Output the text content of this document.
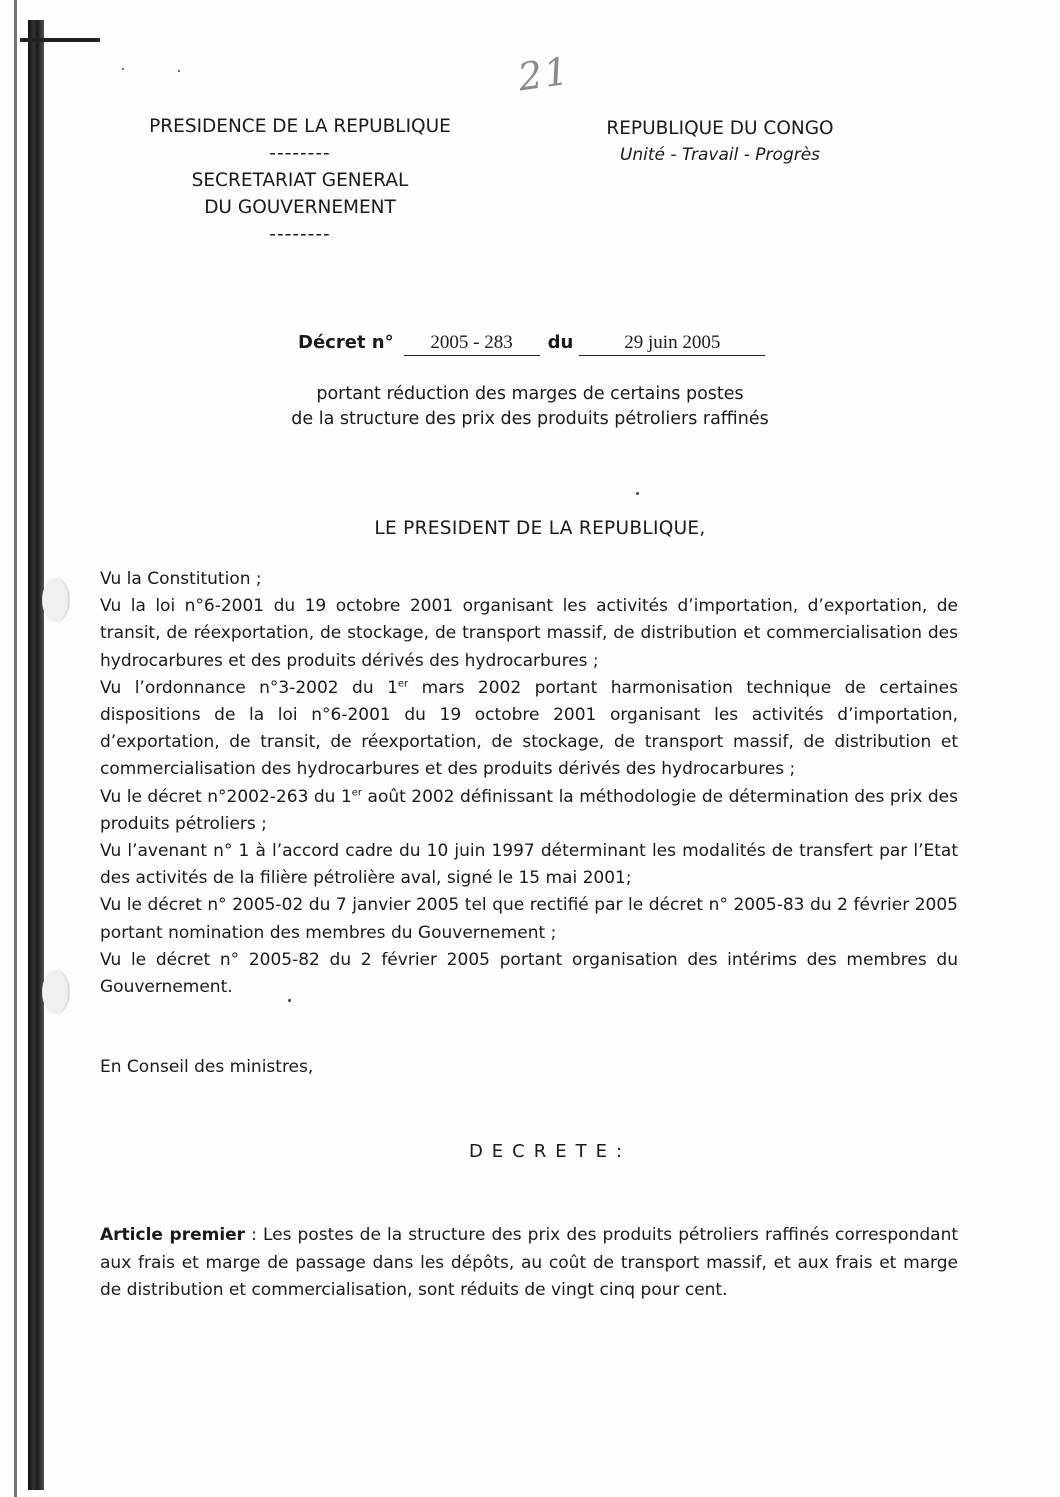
21
PRESIDENCE DE LA REPUBLIQUE
--------
SECRETARIAT GENERAL
DU GOUVERNEMENT
--------
REPUBLIQUE DU CONGO
Unité - Travail - Progrès
Décret n° 2005 - 283 du	29 juin 2005
portant réduction des marges de certains postes
de la structure des prix des produits pétroliers raffinés
LE PRESIDENT DE LA REPUBLIQUE,

Vu la Constitution ;

Vu la loi n°6-2001 du 19 octobre 2001 organisant les activités d’importation, d’exportation, de transit, de réexportation, de stockage, de transport massif, de distribution et commercialisation des hydrocarbures et des produits dérivés des hydrocarbures ;

Vu l’ordonnance n°3-2002 du 1er mars 2002 portant harmonisation technique de certaines dispositions de la loi n°6-2001 du 19 octobre 2001 organisant les activités d’importation, d’exportation, de transit, de réexportation, de stockage, de transport massif, de distribution et commercialisation des hydrocarbures et des produits dérivés des hydrocarbures ;

Vu le décret n°2002-263 du 1er août 2002 définissant la méthodologie de détermination des prix des produits pétroliers ;

Vu l’avenant n° 1 à l’accord cadre du 10 juin 1997 déterminant les modalités de transfert par l’Etat des activités de la filière pétrolière aval, signé le 15 mai 2001;

Vu le décret n° 2005-02 du 7 janvier 2005 tel que rectifié par le décret n° 2005-83 du 2 février 2005 portant nomination des membres du Gouvernement ;

Vu le décret n° 2005-82 du 2 février 2005 portant organisation des intérims des membres du Gouvernement.

En Conseil des ministres,
DECRETE:
Article premier : Les postes de la structure des prix des produits pétroliers raffinés correspondant aux frais et marge de passage dans les dépôts, au coût de transport massif, et aux frais et marge de distribution et commercialisation, sont réduits de vingt cinq pour cent.
